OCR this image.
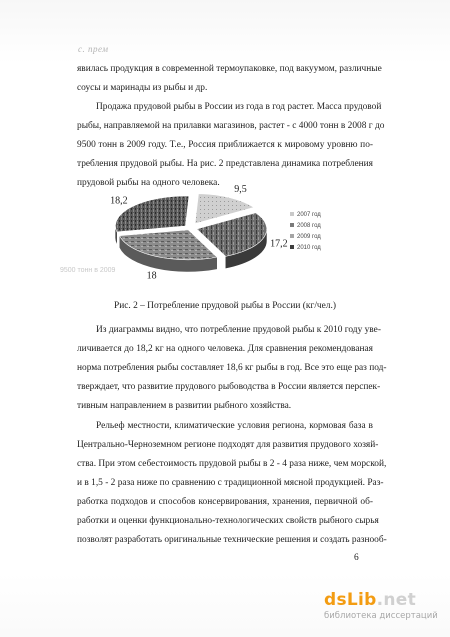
с. прем
явилась продукция в современной термоупаковке, под вакуумом, различные
соусы и маринады из рыбы и др.
Продажа прудовой рыбы в России из года в год растет. Масса прудовой
рыбы, направляемой на прилавки магазинов, растет - с 4000 тонн в 2008 г до
9500 тонн в 2009 году. Т.е., Россия приближается к мировому уровню по-
требления прудовой рыбы. На рис. 2 представлена динамика потребления
прудовой рыбы на одного человека.
9,5
17,2
18
18,2
2007 год
2008 год
2009 год
2010 год
9500 тонн в 2009
Рис. 2 – Потребление прудовой рыбы в России (кг/чел.)
Из диаграммы видно, что потребление прудовой рыбы к 2010 году уве-
личивается до 18,2 кг на одного человека. Для сравнения рекомендованая
норма потребления рыбы составляет 18,6 кг рыбы в год. Все это еще раз под-
тверждает, что развитие прудового рыбоводства в России является перспек-
тивным направлением в развитии рыбного хозяйства.
Рельеф местности, климатические условия региона, кормовая база в
Центрально-Черноземном регионе подходят для развития прудового хозяй-
ства. При этом себестоимость прудовой рыбы в 2 - 4 раза ниже, чем морской,
и в 1,5 - 2 раза ниже по сравнению с традиционной мясной продукцией. Раз-
работка подходов и способов консервирования, хранения, первичной об-
работки и оценки функционально-технологических свойств рыбного сырья
позволят разработать оригинальные технические решения и создать разнооб-
6
dsLib.net
библиотека диссертаций
